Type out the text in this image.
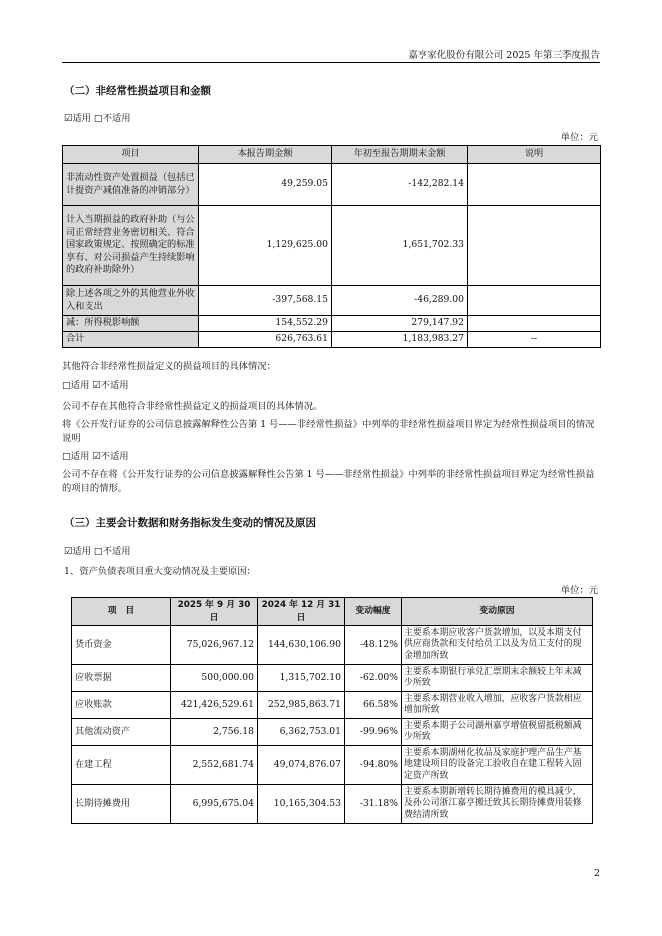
嘉亨家化股份有限公司 2025 年第三季度报告
（二）非经常性损益项目和金额
☑适用 □不适用
单位：元
项目	本报告期金额	年初至报告期期末金额	说明
非流动性资产处置损益（包括已计提资产减值准备的冲销部分）	49,259.05	-142,282.14	
计入当期损益的政府补助（与公司正常经营业务密切相关、符合国家政策规定、按照确定的标准享有、对公司损益产生持续影响的政府补助除外）	1,129,625.00	1,651,702.33	
除上述各项之外的其他营业外收入和支出	-397,568.15	-46,289.00	
减：所得税影响额	154,552.29	279,147.92	
合计	626,763.61	1,183,983.27	--
其他符合非经常性损益定义的损益项目的具体情况：
□适用 ☑不适用
公司不存在其他符合非经常性损益定义的损益项目的具体情况。
将《公开发行证券的公司信息披露解释性公告第 1 号——非经常性损益》中列举的非经常性损益项目界定为经常性损益项目的情况说明
□适用 ☑不适用
公司不存在将《公开发行证券的公司信息披露解释性公告第 1 号——非经常性损益》中列举的非经常性损益项目界定为经常性损益的项目的情形。
（三）主要会计数据和财务指标发生变动的情况及原因
☑适用 □不适用
1、资产负债表项目重大变动情况及主要原因：
单位：元
项　目	2025 年 9 月 30 日	2024 年 12 月 31 日	变动幅度	变动原因
货币资金	75,026,967.12	144,630,106.90	-48.12%	主要系本期应收客户货款增加，以及本期支付供应商货款和支付给员工以及为员工支付的现金增加所致
应收票据	500,000.00	1,315,702.10	-62.00%	主要系本期银行承兑汇票期末余额较上年末减少所致
应收账款	421,426,529.61	252,985,863.71	66.58%	主要系本期营业收入增加，应收客户货款相应增加所致
其他流动资产	2,756.18	6,362,753.01	-99.96%	主要系本期子公司湖州嘉亨增值税留抵税额减少所致
在建工程	2,552,681.74	49,074,876.07	-94.80%	主要系本期湖州化妆品及家庭护理产品生产基地建设项目的设备完工验收自在建工程转入固定资产所致
长期待摊费用	6,995,675.04	10,165,304.53	-31.18%	主要系本期新增转长期待摊费用的模具减少，及孙公司浙江嘉亨搬迁致其长期待摊费用装修费结清所致
2
